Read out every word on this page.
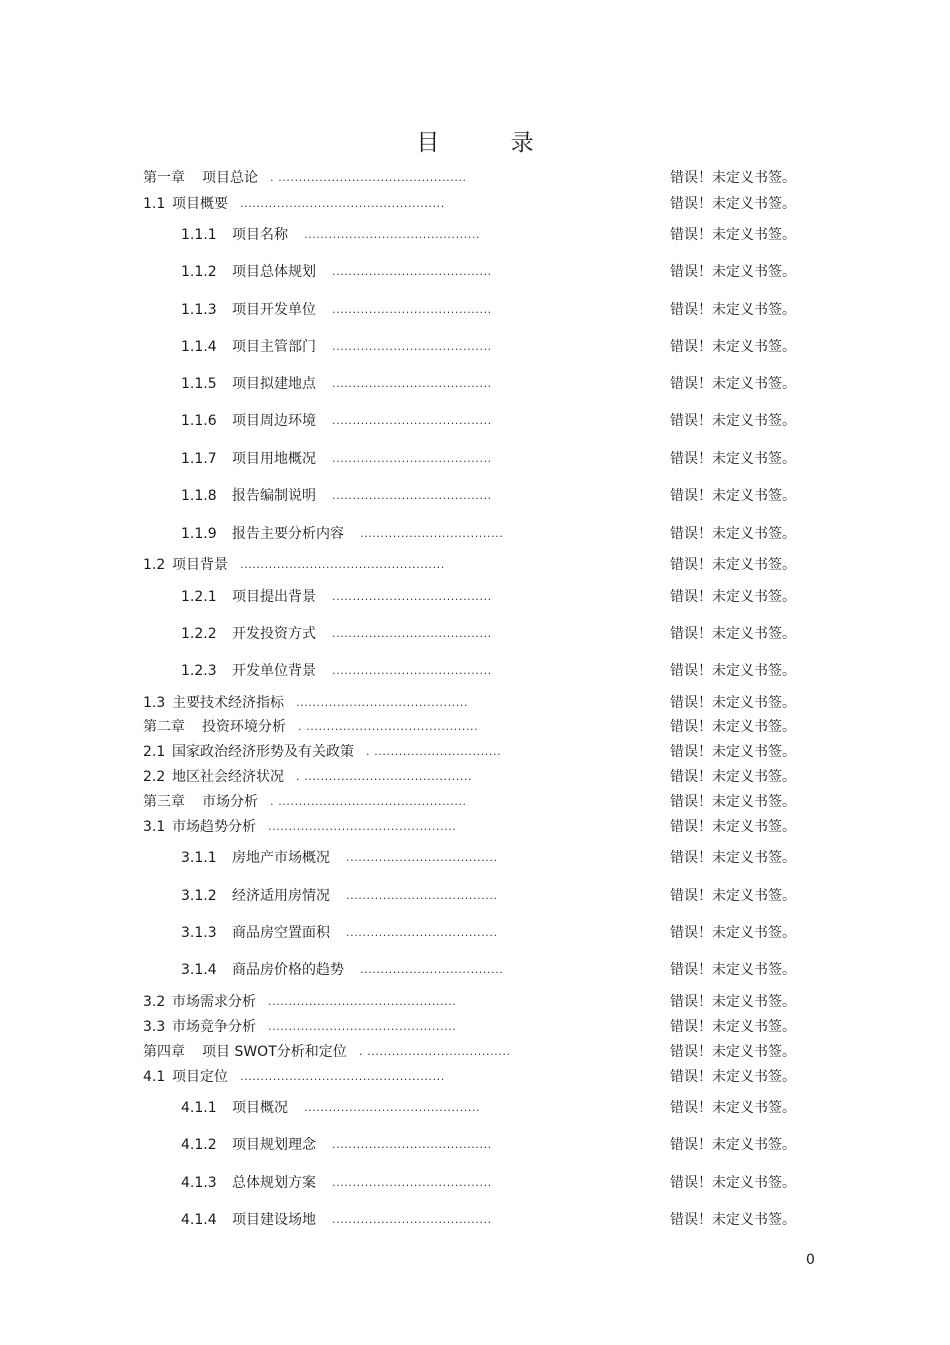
目	录
第一章 项目总论 . ..............................................	错误！未定义书签。
1.1 项目概要 ..................................................	错误！未定义书签。
1.1.1 项目名称 ...........................................	错误！未定义书签。
1.1.2 项目总体规划 .......................................	错误！未定义书签。
1.1.3 项目开发单位 .......................................	错误！未定义书签。
1.1.4 项目主管部门 .......................................	错误！未定义书签。
1.1.5 项目拟建地点 .......................................	错误！未定义书签。
1.1.6 项目周边环境 .......................................	错误！未定义书签。
1.1.7 项目用地概况 .......................................	错误！未定义书签。
1.1.8 报告编制说明 .......................................	错误！未定义书签。
1.1.9 报告主要分析内容 ...................................	错误！未定义书签。
1.2 项目背景 ..................................................	错误！未定义书签。
1.2.1 项目提出背景 .......................................	错误！未定义书签。
1.2.2 开发投资方式 .......................................	错误！未定义书签。
1.2.3 开发单位背景 .......................................	错误！未定义书签。
1.3 主要技术经济指标 ..........................................	错误！未定义书签。
第二章 投资环境分析 . ..........................................	错误！未定义书签。
2.1 国家政治经济形势及有关政策 . ...............................	错误！未定义书签。
2.2 地区社会经济状况 . .........................................	错误！未定义书签。
第三章 市场分析 . ..............................................	错误！未定义书签。
3.1 市场趋势分析 ..............................................	错误！未定义书签。
3.1.1 房地产市场概况 .....................................	错误！未定义书签。
3.1.2 经济适用房情况 .....................................	错误！未定义书签。
3.1.3 商品房空置面积 .....................................	错误！未定义书签。
3.1.4 商品房价格的趋势 ...................................	错误！未定义书签。
3.2 市场需求分析 ..............................................	错误！未定义书签。
3.3 市场竞争分析 ..............................................	错误！未定义书签。
第四章 项目 SWOT分析和定位 . ...................................	错误！未定义书签。
4.1 项目定位 ..................................................	错误！未定义书签。
4.1.1 项目概况 ...........................................	错误！未定义书签。
4.1.2 项目规划理念 .......................................	错误！未定义书签。
4.1.3 总体规划方案 .......................................	错误！未定义书签。
4.1.4 项目建设场地 .......................................	错误！未定义书签。
0
